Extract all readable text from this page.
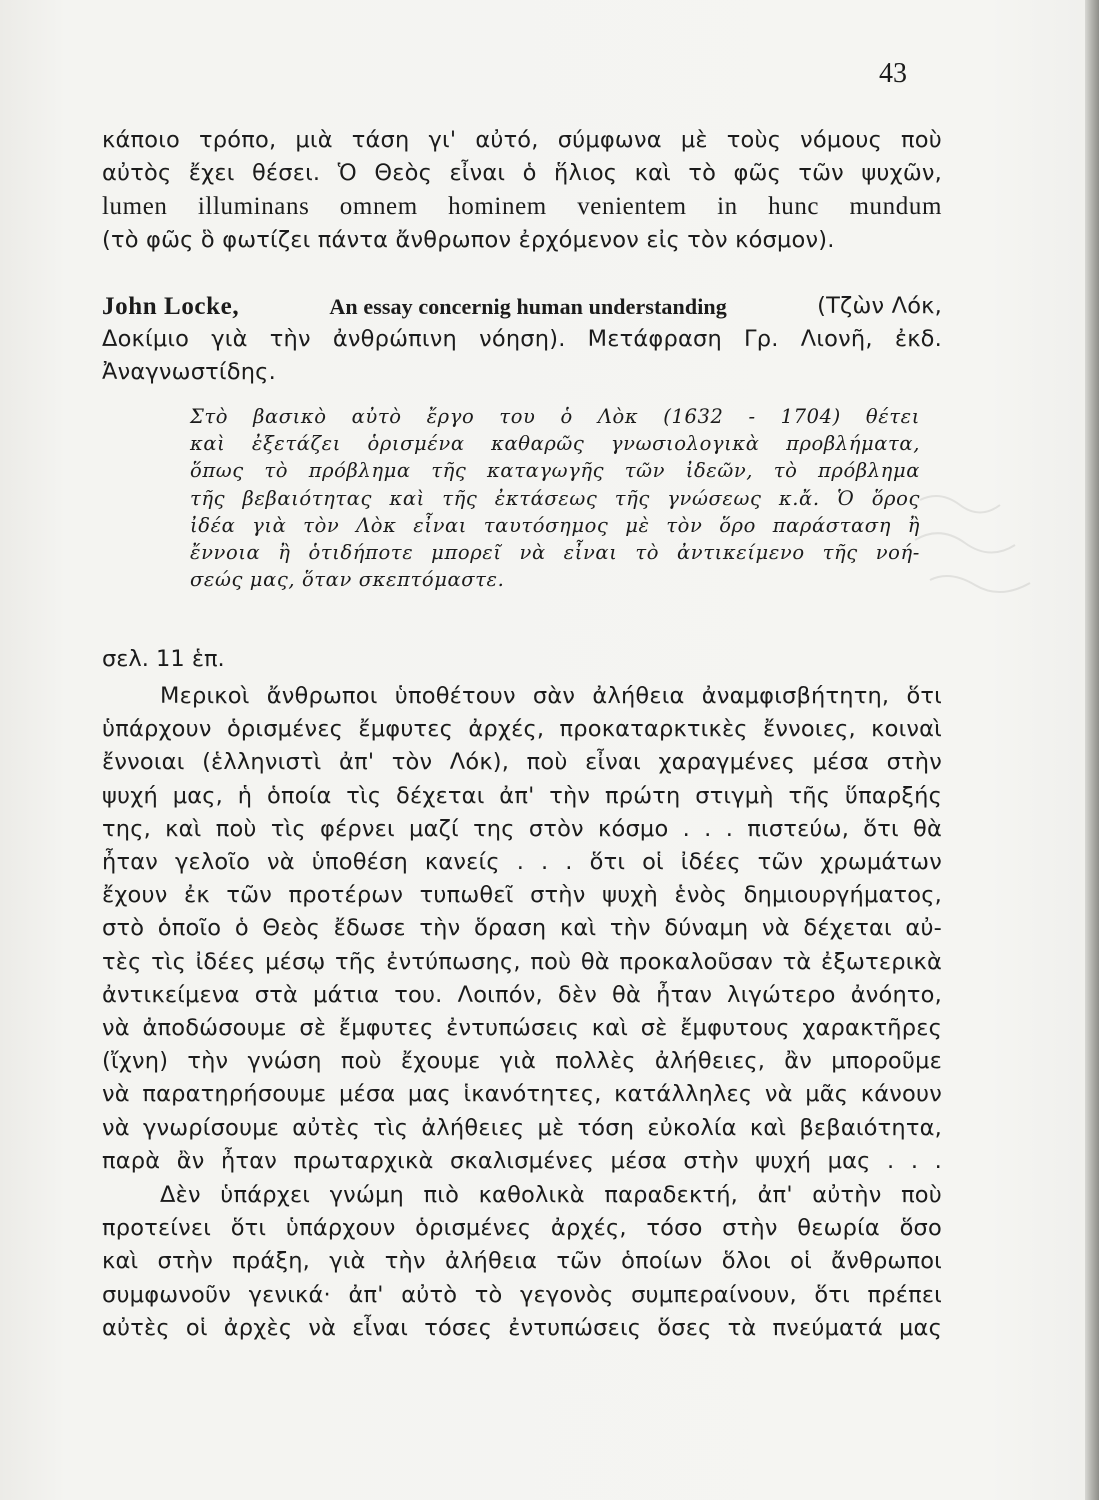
43
κάποιο τρόπο, μιὰ τάση γι' αὐτό, σύμφωνα μὲ τοὺς νόμους ποὺ
αὐτὸς ἔχει θέσει. Ὁ Θεὸς εἶναι ὁ ἥλιος καὶ τὸ φῶς τῶν ψυχῶν,
lumen illuminans omnem hominem venientem in hunc mundum
(τὸ φῶς ὃ φωτίζει πάντα ἄνθρωπον ἐρχόμενον εἰς τὸν κόσμον).
John Locke,	An essay concernig human understanding	(Τζὼν Λόκ,
Δοκίμιο γιὰ τὴν ἀνθρώπινη νόηση). Μετάφραση Γρ. Λιονῆ, ἐκδ.
Ἀναγνωστίδης.
Στὸ βασικὸ αὐτὸ ἔργο του ὁ Λὸκ (1632 - 1704) θέτει
καὶ ἐξετάζει ὁρισμένα καθαρῶς γνωσιολογικὰ προβλήματα,
ὅπως τὸ πρόβλημα τῆς καταγωγῆς τῶν ἰδεῶν, τὸ πρόβλημα
τῆς βεβαιότητας καὶ τῆς ἐκτάσεως τῆς γνώσεως κ.ἄ. Ὁ ὅρος
ἰδέα γιὰ τὸν Λὸκ εἶναι ταυτόσημος μὲ τὸν ὅρο παράσταση ἢ
ἔννοια ἢ ὁτιδήποτε μπορεῖ νὰ εἶναι τὸ ἀντικείμενο τῆς νοή-
σεώς μας, ὅταν σκεπτόμαστε.
σελ. 11 ἑπ.
Μερικοὶ ἄνθρωποι ὑποθέτουν σὰν ἀλήθεια ἀναμφισβήτητη, ὅτι
ὑπάρχουν ὁρισμένες ἔμφυτες ἀρχές, προκαταρκτικὲς ἔννοιες, κοιναὶ
ἔννοιαι (ἑλληνιστὶ ἀπ' τὸν Λόκ), ποὺ εἶναι χαραγμένες μέσα στὴν
ψυχή μας, ἡ ὁποία τὶς δέχεται ἀπ' τὴν πρώτη στιγμὴ τῆς ὕπαρξής
της, καὶ ποὺ τὶς φέρνει μαζί της στὸν κόσμο . . . πιστεύω, ὅτι θὰ
ἦταν γελοῖο νὰ ὑποθέση κανείς . . . ὅτι οἱ ἰδέες τῶν χρωμάτων
ἔχουν ἐκ τῶν προτέρων τυπωθεῖ στὴν ψυχὴ ἑνὸς δημιουργήματος,
στὸ ὁποῖο ὁ Θεὸς ἔδωσε τὴν ὅραση καὶ τὴν δύναμη νὰ δέχεται αὐ-
τὲς τὶς ἰδέες μέσῳ τῆς ἐντύπωσης, ποὺ θὰ προκαλοῦσαν τὰ ἐξωτερικὰ
ἀντικείμενα στὰ μάτια του. Λοιπόν, δὲν θὰ ἦταν λιγώτερο ἀνόητο,
νὰ ἀποδώσουμε σὲ ἔμφυτες ἐντυπώσεις καὶ σὲ ἔμφυτους χαρακτῆρες
(ἴχνη) τὴν γνώση ποὺ ἔχουμε γιὰ πολλὲς ἀλήθειες, ἂν μποροῦμε
νὰ παρατηρήσουμε μέσα μας ἱκανότητες, κατάλληλες νὰ μᾶς κάνουν
νὰ γνωρίσουμε αὐτὲς τὶς ἀλήθειες μὲ τόση εὐκολία καὶ βεβαιότητα,
παρὰ ἂν ἦταν πρωταρχικὰ σκαλισμένες μέσα στὴν ψυχή μας . . .
Δὲν ὑπάρχει γνώμη πιὸ καθολικὰ παραδεκτή, ἀπ' αὐτὴν ποὺ
προτείνει ὅτι ὑπάρχουν ὁρισμένες ἀρχές, τόσο στὴν θεωρία ὅσο
καὶ στὴν πράξη, γιὰ τὴν ἀλήθεια τῶν ὁποίων ὅλοι οἱ ἄνθρωποι
συμφωνοῦν γενικά· ἀπ' αὐτὸ τὸ γεγονὸς συμπεραίνουν, ὅτι πρέπει
αὐτὲς οἱ ἀρχὲς νὰ εἶναι τόσες ἐντυπώσεις ὅσες τὰ πνεύματά μας
